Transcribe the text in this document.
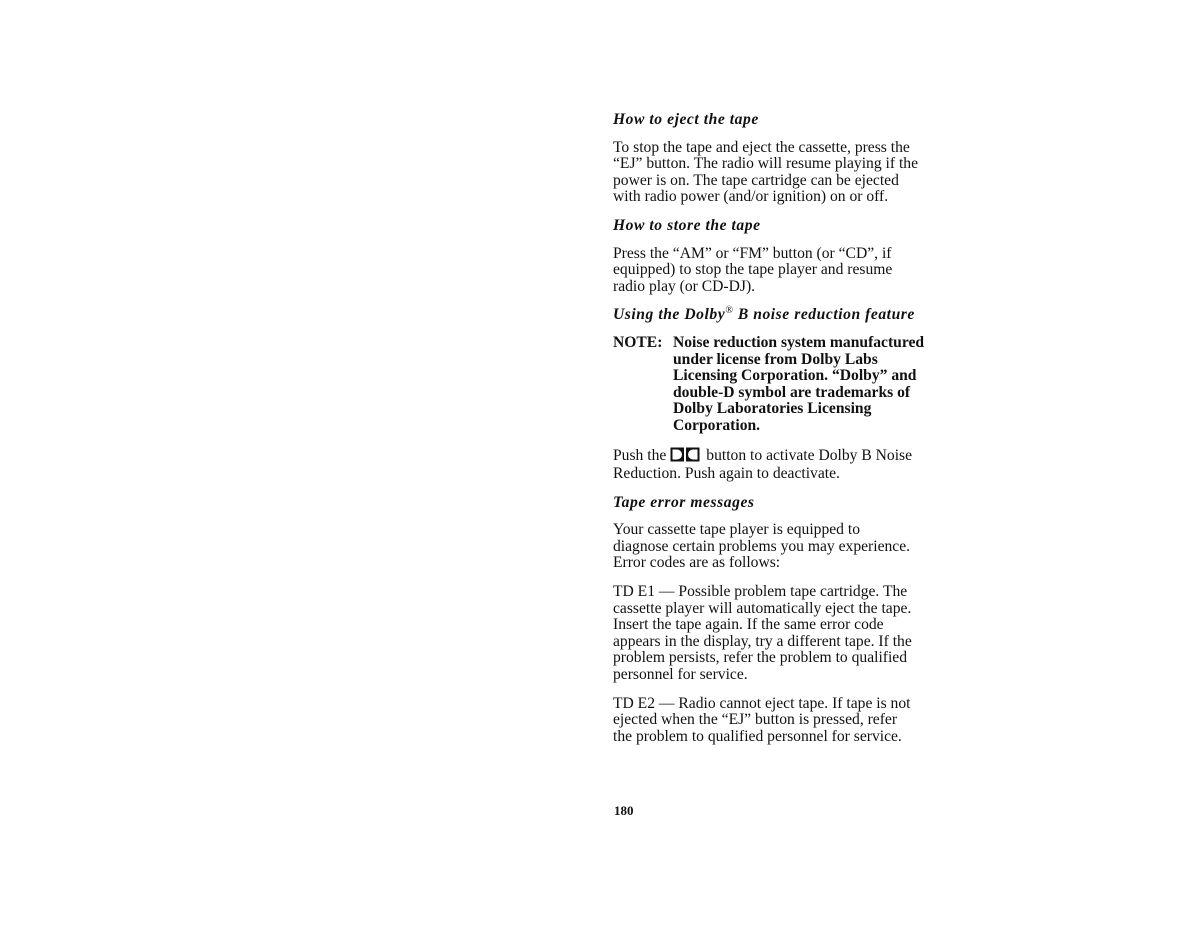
How to eject the tape
To stop the tape and eject the cassette, press the
“EJ” button. The radio will resume playing if the
power is on. The tape cartridge can be ejected
with radio power (and/or ignition) on or off.
How to store the tape
Press the “AM” or “FM” button (or “CD”, if
equipped) to stop the tape player and resume
radio play (or CD-DJ).
Using the Dolby® B noise reduction feature
NOTE: Noise reduction system manufactured
under license from Dolby Labs
Licensing Corporation. “Dolby” and
double-D symbol are trademarks of
Dolby Laboratories Licensing
Corporation.
Push the	button to activate Dolby B Noise
Reduction. Push again to deactivate.
Tape error messages
Your cassette tape player is equipped to
diagnose certain problems you may experience.
Error codes are as follows:
TD E1 — Possible problem tape cartridge. The
cassette player will automatically eject the tape.
Insert the tape again. If the same error code
appears in the display, try a different tape. If the
problem persists, refer the problem to qualified
personnel for service.
TD E2 — Radio cannot eject tape. If tape is not
ejected when the “EJ” button is pressed, refer
the problem to qualified personnel for service.
180
